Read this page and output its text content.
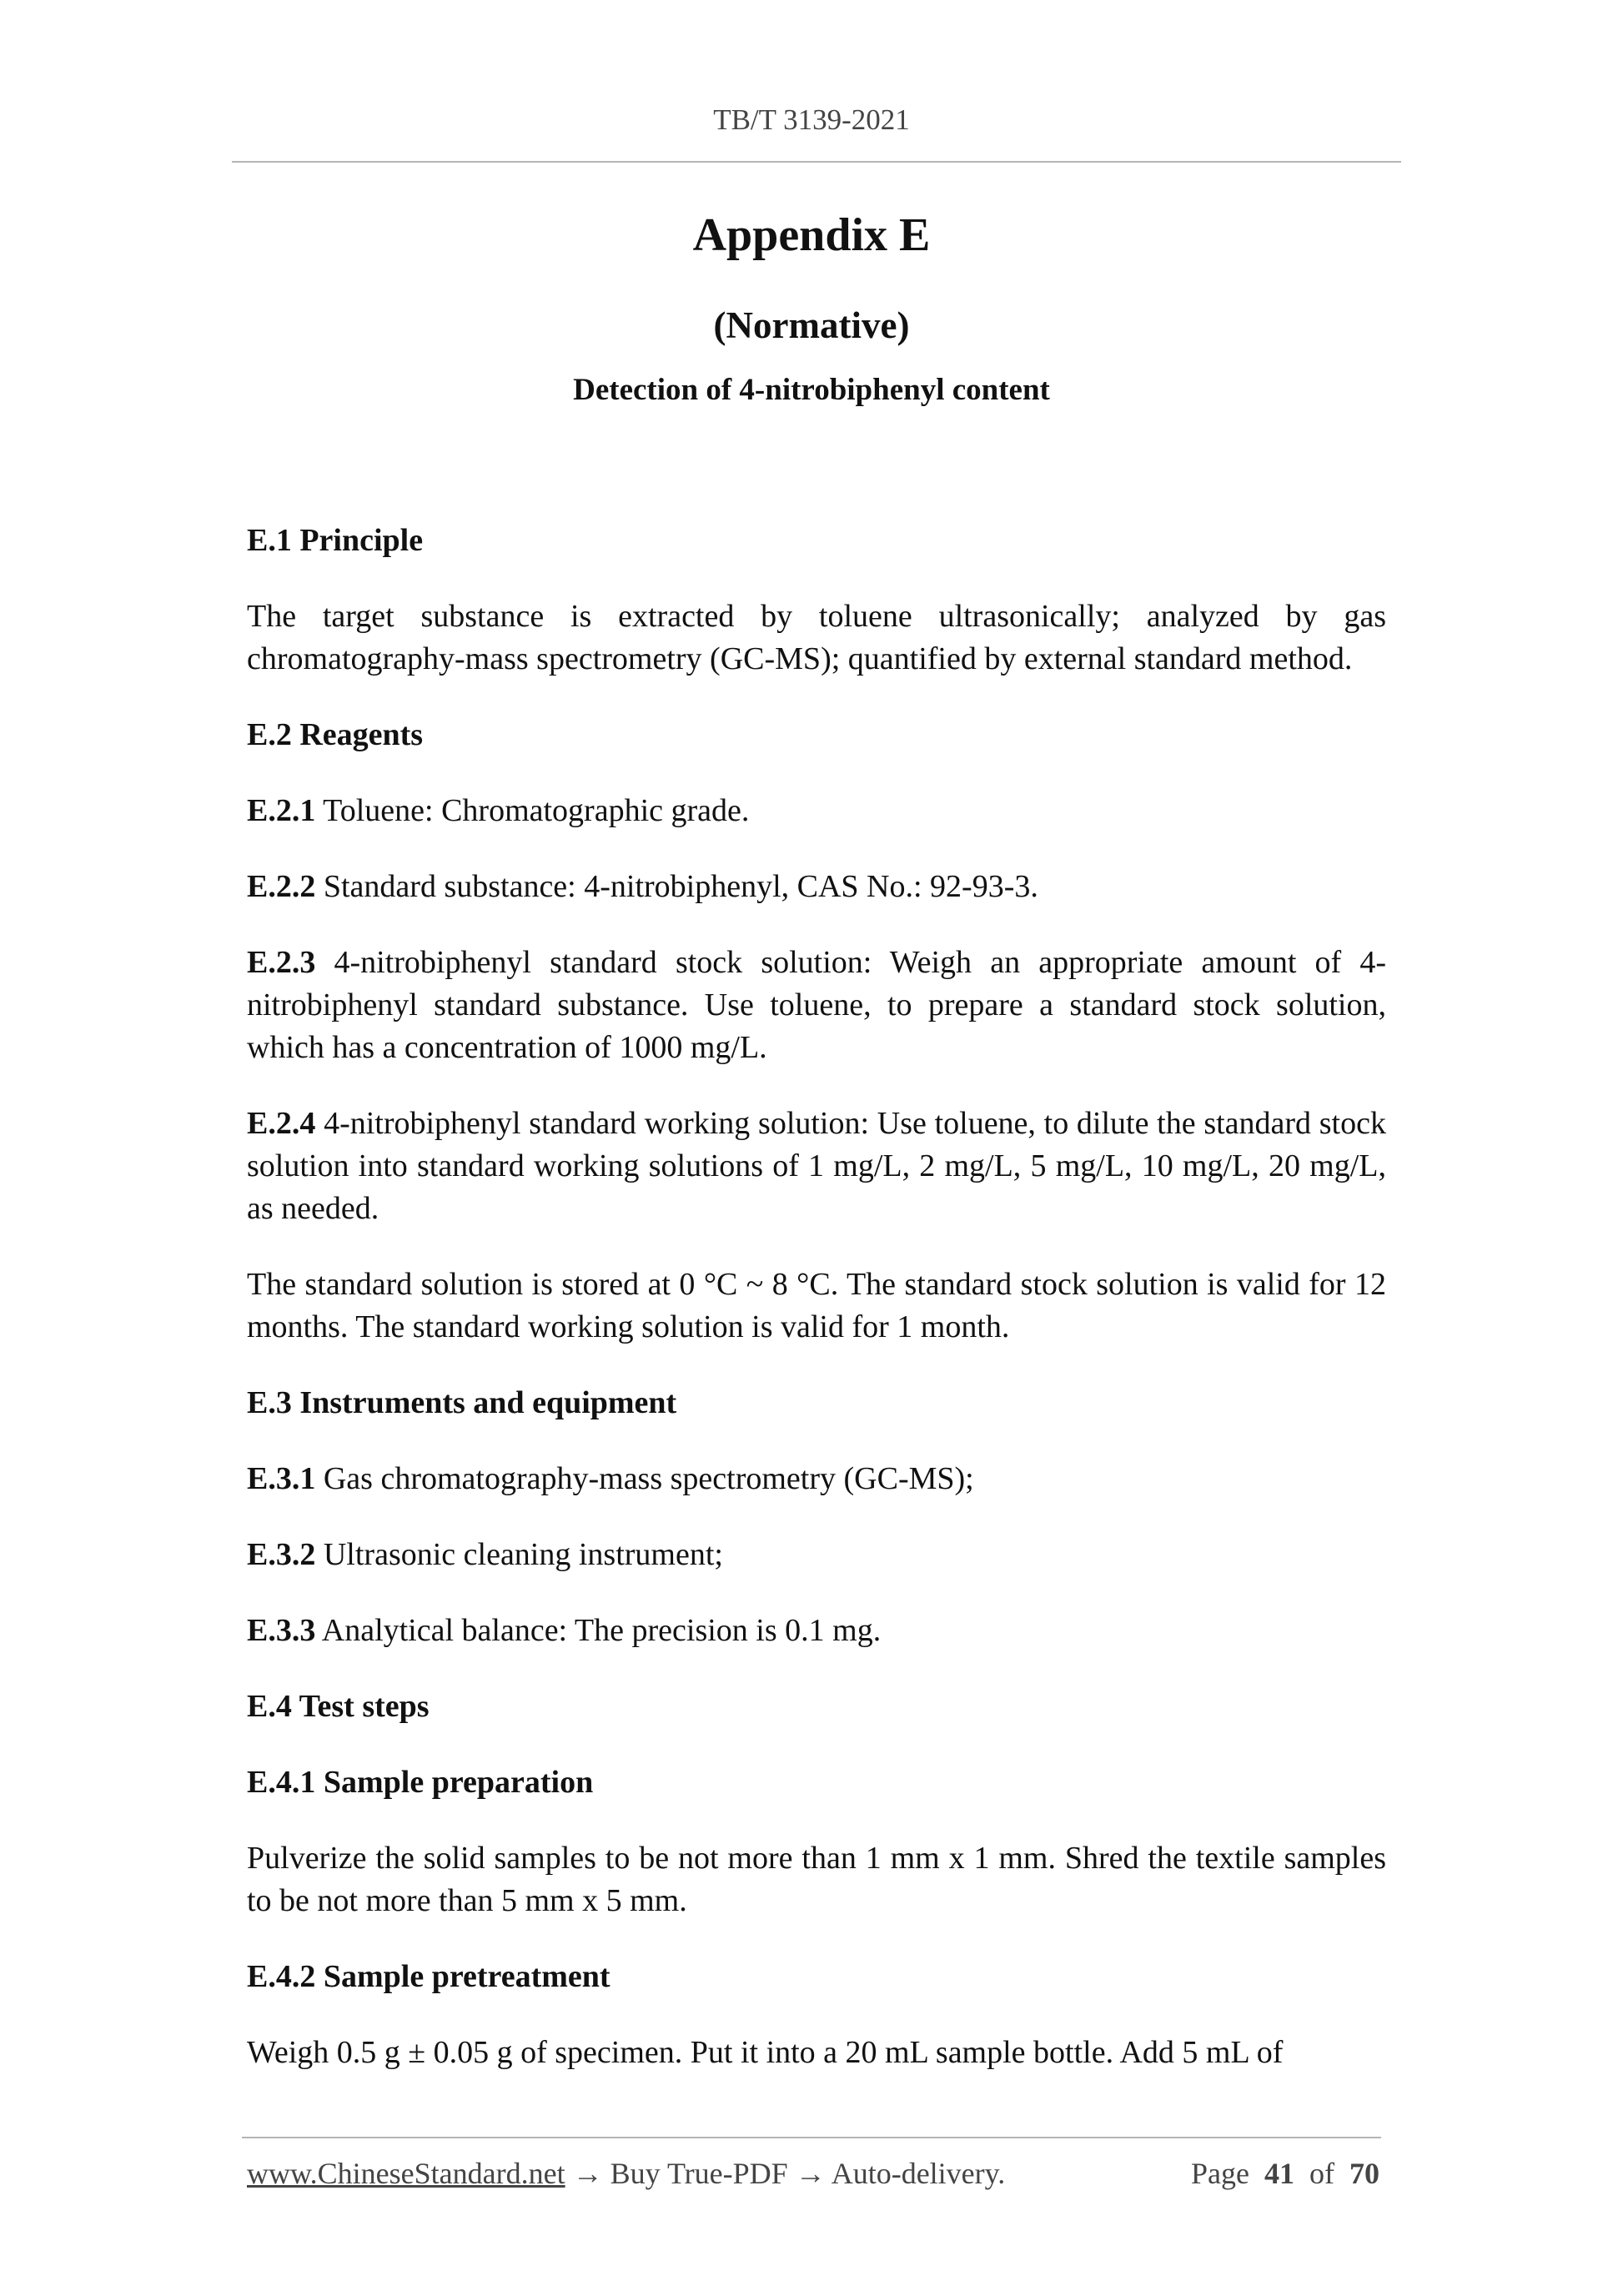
TB/T 3139-2021
Appendix E
(Normative)
Detection of 4-nitrobiphenyl content
E.1 Principle

The target substance is extracted by toluene ultrasonically; analyzed by gas chromatography-mass spectrometry (GC-MS); quantified by external standard method.

E.2 Reagents

E.2.1 Toluene: Chromatographic grade.

E.2.2 Standard substance: 4-nitrobiphenyl, CAS No.: 92-93-3.

E.2.3 4-nitrobiphenyl standard stock solution: Weigh an appropriate amount of 4-nitrobiphenyl standard substance. Use toluene, to prepare a standard stock solution, which has a concentration of 1000 mg/L.

E.2.4 4-nitrobiphenyl standard working solution: Use toluene, to dilute the standard stock solution into standard working solutions of 1 mg/L, 2 mg/L, 5 mg/L, 10 mg/L, 20 mg/L, as needed.

The standard solution is stored at 0 °C ~ 8 °C. The standard stock solution is valid for 12 months. The standard working solution is valid for 1 month.

E.3 Instruments and equipment

E.3.1 Gas chromatography-mass spectrometry (GC-MS);

E.3.2 Ultrasonic cleaning instrument;

E.3.3 Analytical balance: The precision is 0.1 mg.

E.4 Test steps
E.4.1 Sample preparation

Pulverize the solid samples to be not more than 1 mm x 1 mm. Shred the textile samples to be not more than 5 mm x 5 mm.

E.4.2 Sample pretreatment

Weigh 0.5 g ± 0.05 g of specimen. Put it into a 20 mL sample bottle. Add 5 mL of

www.ChineseStandard.net → Buy True-PDF → Auto-delivery.	Page 41 of 70
